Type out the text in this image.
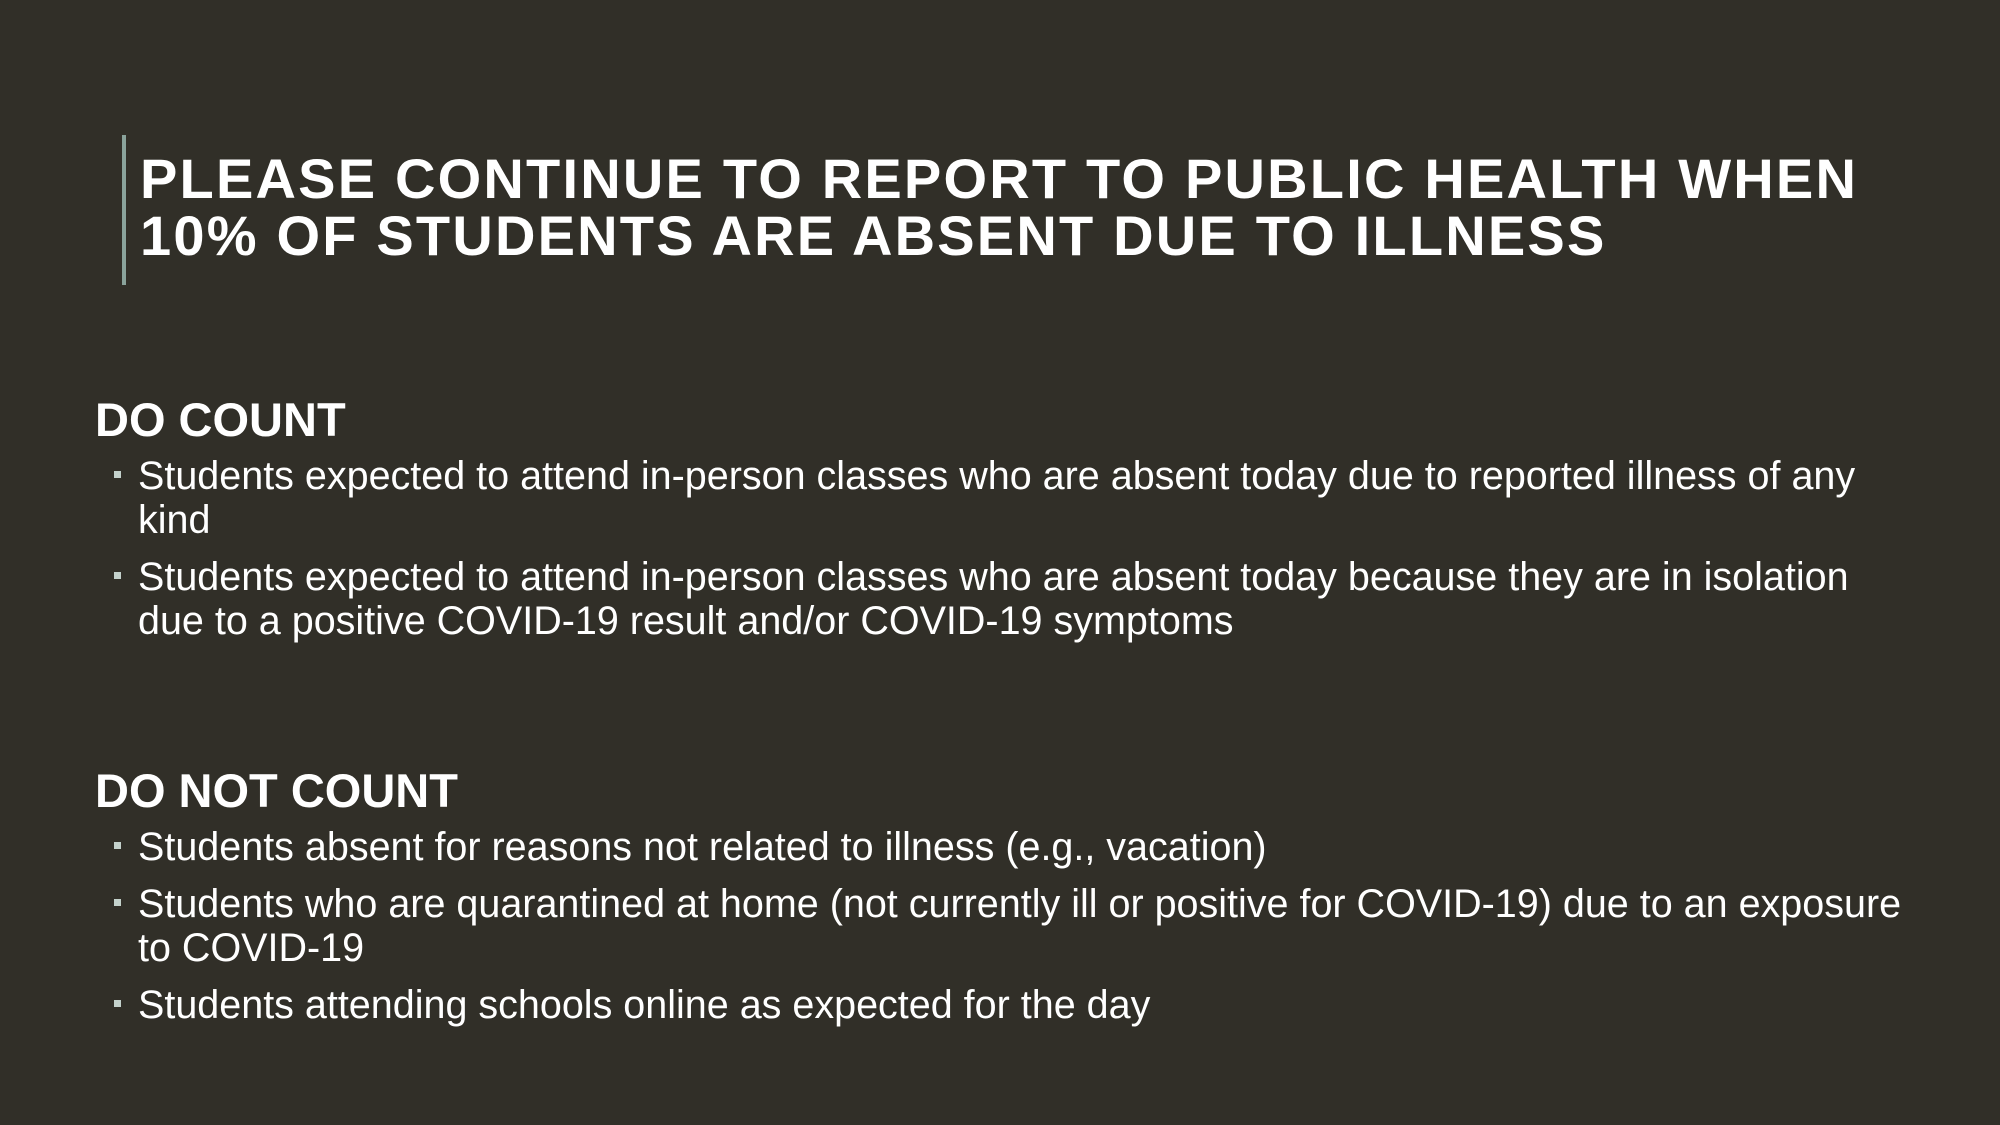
PLEASE CONTINUE TO REPORT TO PUBLIC HEALTH WHEN
10% OF STUDENTS ARE ABSENT DUE TO ILLNESS
DO COUNT
Students expected to attend in-person classes who are absent today due to reported illness of any kind
Students expected to attend in-person classes who are absent today because they are in isolation due to a positive COVID-19 result and/or COVID-19 symptoms
DO NOT COUNT
Students absent for reasons not related to illness (e.g., vacation)
Students who are quarantined at home (not currently ill or positive for COVID-19) due to an exposure to COVID-19
Students attending schools online as expected for the day
